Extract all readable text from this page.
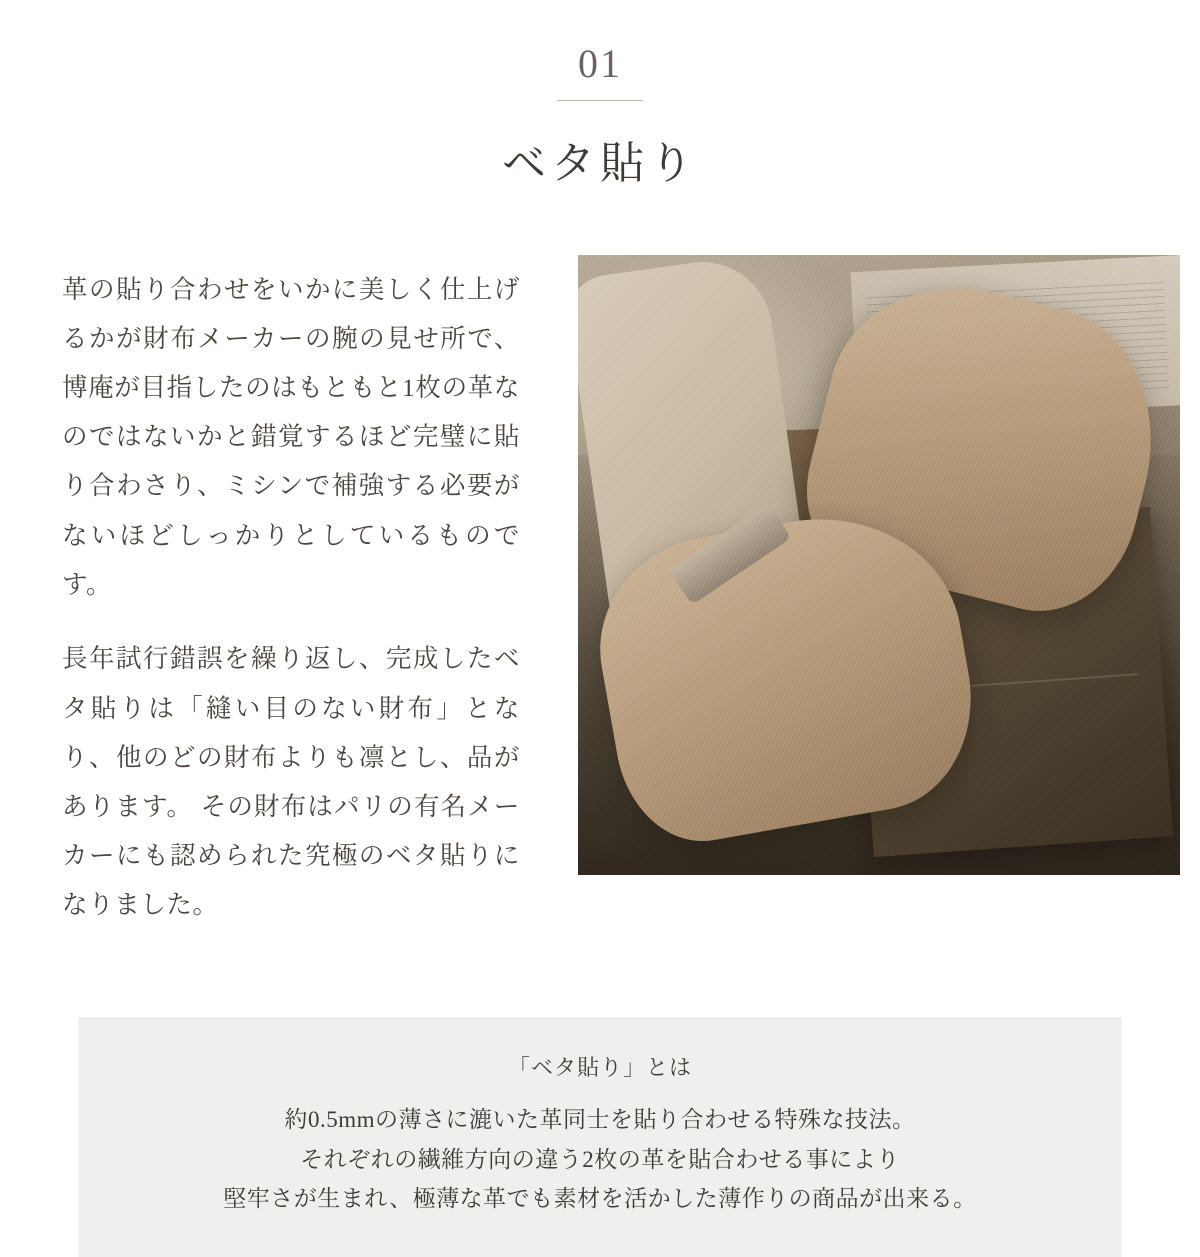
01
ベタ貼り

革の貼り合わせをいかに美しく仕上げるかが財布メーカーの腕の見せ所で、博庵が目指したのはもともと1枚の革なのではないかと錯覚するほど完璧に貼り合わさり、ミシンで補強する必要がないほどしっかりとしているものです。

長年試行錯誤を繰り返し、完成したベタ貼りは「縫い目のない財布」となり、他のどの財布よりも凛とし、品があります。 その財布はパリの有名メーカーにも認められた究極のベタ貼りになりました。

「ベタ貼り」とは
約0.5mmの薄さに漉いた革同士を貼り合わせる特殊な技法。
それぞれの繊維方向の違う2枚の革を貼合わせる事により
堅牢さが生まれ、極薄な革でも素材を活かした薄作りの商品が出来る。
